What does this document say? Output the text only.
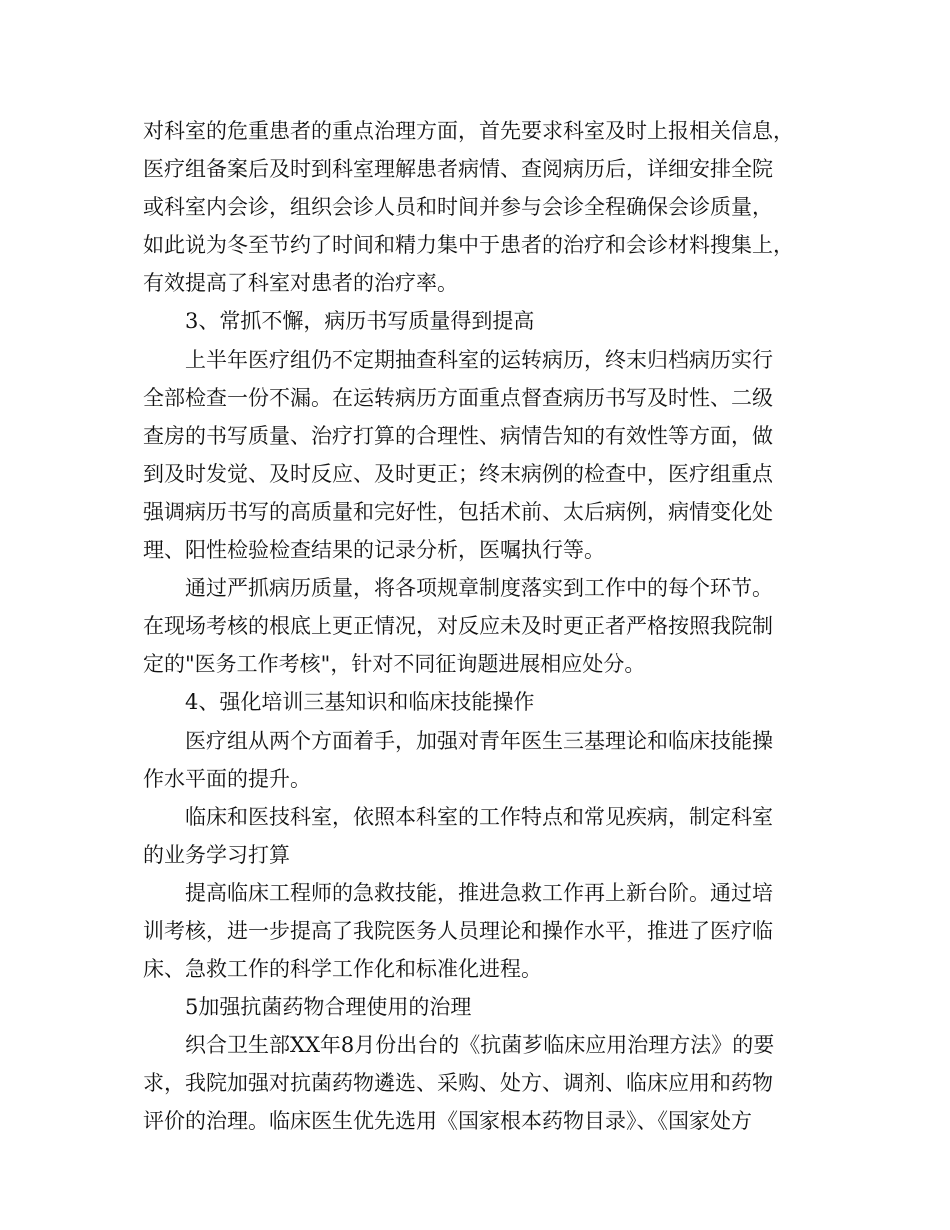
对科室的危重患者的重点治理方面，首先要求科室及时上报相关信息，
医疗组备案后及时到科室理解患者病情、查阅病历后，详细安排全院
或科室内会诊，组织会诊人员和时间并参与会诊全程确保会诊质量，
如此说为冬至节约了时间和精力集中于患者的治疗和会诊材料搜集上，
有效提高了科室对患者的治疗率。
3、常抓不懈，病历书写质量得到提高
上半年医疗组仍不定期抽查科室的运转病历，终末归档病历实行
全部检查一份不漏。在运转病历方面重点督查病历书写及时性、二级
查房的书写质量、治疗打算的合理性、病情告知的有效性等方面，做
到及时发觉、及时反应、及时更正；终末病例的检查中，医疗组重点
强调病历书写的高质量和完好性，包括术前、太后病例，病情变化处
理、阳性检验检查结果的记录分析，医嘱执行等。
通过严抓病历质量，将各项规章制度落实到工作中的每个环节。
在现场考核的根底上更正情况，对反应未及时更正者严格按照我院制
定的"医务工作考核"，针对不同征询题进展相应处分。
4、强化培训三基知识和临床技能操作
医疗组从两个方面着手，加强对青年医生三基理论和临床技能操
作水平面的提升。
临床和医技科室，依照本科室的工作特点和常见疾病，制定科室
的业务学习打算
提高临床工程师的急救技能，推进急救工作再上新台阶。通过培
训考核，进一步提高了我院医务人员理论和操作水平，推进了医疗临
床、急救工作的科学工作化和标准化进程。
5加强抗菌药物合理使用的治理
织合卫生部XX年8月份出台的《抗菌芗临床应用治理方法》的要
求，我院加强对抗菌药物遴选、采购、处方、调剂、临床应用和药物
评价的治理。临床医生优先选用《国家根本药物目录》、《国家处方
